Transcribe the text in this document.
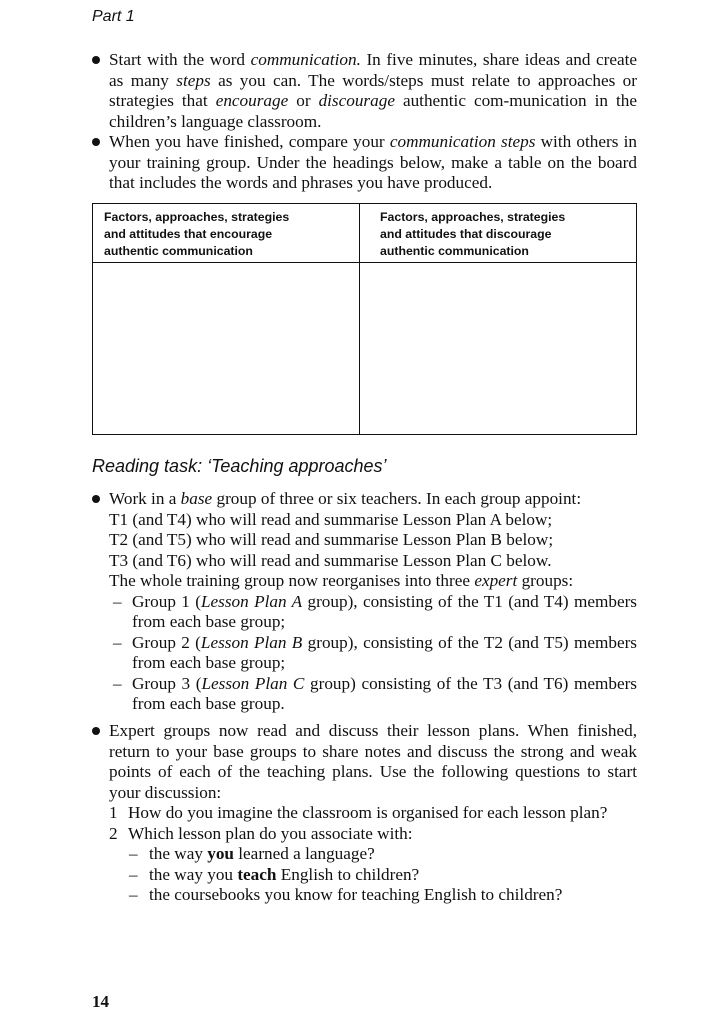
Part 1
Start with the word communication. In five minutes, share ideas and create as many steps as you can. The words/steps must relate to approaches or strategies that encourage or discourage authentic com-munication in the children’s language classroom.
When you have finished, compare your communication steps with others in your training group. Under the headings below, make a table on the board that includes the words and phrases you have produced.
Factors, approaches, strategies
and attitudes that encourage
authentic communication
Factors, approaches, strategies
and attitudes that discourage
authentic communication
Reading task: ‘Teaching approaches’
Work in a base group of three or six teachers. In each group appoint:
T1 (and T4) who will read and summarise Lesson Plan A below;
T2 (and T5) who will read and summarise Lesson Plan B below;
T3 (and T6) who will read and summarise Lesson Plan C below.
The whole training group now reorganises into three expert groups:
– Group 1 (Lesson Plan A group), consisting of the T1 (and T4) members from each base group;
– Group 2 (Lesson Plan B group), consisting of the T2 (and T5) members from each base group;
– Group 3 (Lesson Plan C group) consisting of the T3 (and T6) members from each base group.

Expert groups now read and discuss their lesson plans. When finished, return to your base groups to share notes and discuss the strong and weak points of each of the teaching plans. Use the following questions to start your discussion:

1 How do you imagine the classroom is organised for each lesson plan?
2 Which lesson plan do you associate with:
– the way you learned a language?
– the way you teach English to children?
– the coursebooks you know for teaching English to children?
14
